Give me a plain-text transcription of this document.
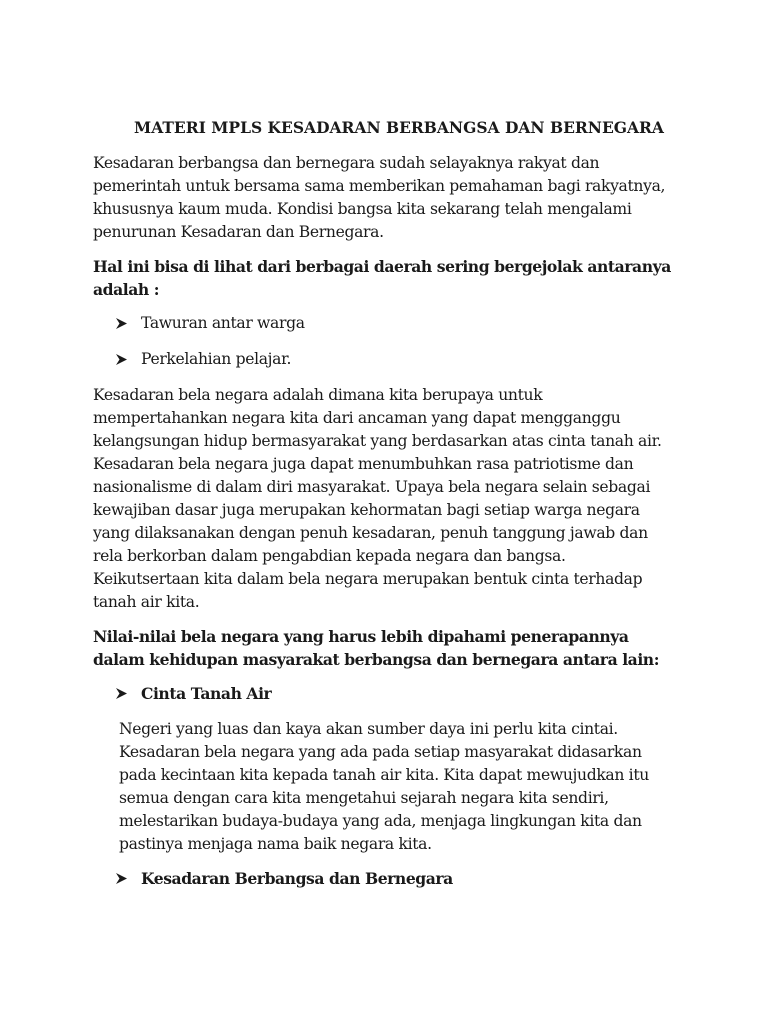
MATERI MPLS KESADARAN BERBANGSA DAN BERNEGARA
Kesadaran berbangsa dan bernegara sudah selayaknya rakyat dan
pemerintah untuk bersama sama memberikan pemahaman bagi rakyatnya,
khususnya kaum muda. Kondisi bangsa kita sekarang telah mengalami
penurunan Kesadaran dan Bernegara.
Hal ini bisa di lihat dari berbagai daerah sering bergejolak antaranya
adalah :
Tawuran antar warga
Perkelahian pelajar.
Kesadaran bela negara adalah dimana kita berupaya untuk
mempertahankan negara kita dari ancaman yang dapat mengganggu
kelangsungan hidup bermasyarakat yang berdasarkan atas cinta tanah air.
Kesadaran bela negara juga dapat menumbuhkan rasa patriotisme dan
nasionalisme di dalam diri masyarakat. Upaya bela negara selain sebagai
kewajiban dasar juga merupakan kehormatan bagi setiap warga negara
yang dilaksanakan dengan penuh kesadaran, penuh tanggung jawab dan
rela berkorban dalam pengabdian kepada negara dan bangsa.
Keikutsertaan kita dalam bela negara merupakan bentuk cinta terhadap
tanah air kita.
Nilai-nilai bela negara yang harus lebih dipahami penerapannya
dalam kehidupan masyarakat berbangsa dan bernegara antara lain:
Cinta Tanah Air
Negeri yang luas dan kaya akan sumber daya ini perlu kita cintai.
Kesadaran bela negara yang ada pada setiap masyarakat didasarkan
pada kecintaan kita kepada tanah air kita. Kita dapat mewujudkan itu
semua dengan cara kita mengetahui sejarah negara kita sendiri,
melestarikan budaya-budaya yang ada, menjaga lingkungan kita dan
pastinya menjaga nama baik negara kita.
Kesadaran Berbangsa dan Bernegara
